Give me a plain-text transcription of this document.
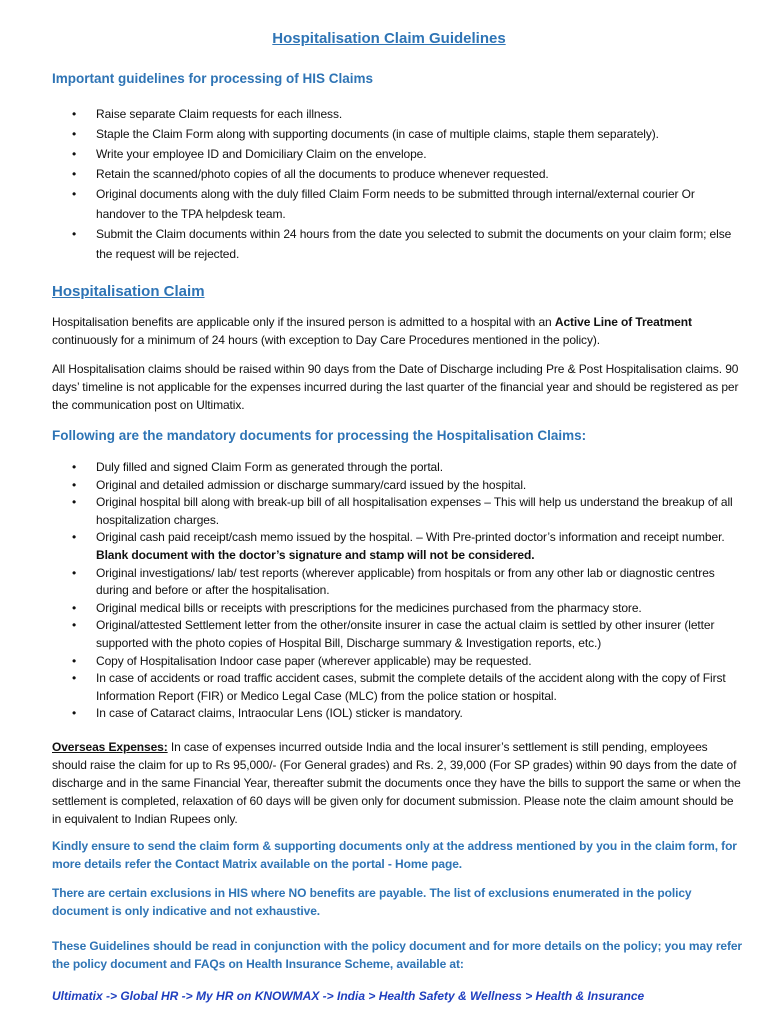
Hospitalisation Claim Guidelines
Important guidelines for processing of HIS Claims
• Raise separate Claim requests for each illness.
• Staple the Claim Form along with supporting documents (in case of multiple claims, staple them separately).
• Write your employee ID and Domiciliary Claim on the envelope.
• Retain the scanned/photo copies of all the documents to produce whenever requested.
• Original documents along with the duly filled Claim Form needs to be submitted through internal/external courier Or handover to the TPA helpdesk team.
• Submit the Claim documents within 24 hours from the date you selected to submit the documents on your claim form; else the request will be rejected.
Hospitalisation Claim

Hospitalisation benefits are applicable only if the insured person is admitted to a hospital with an Active Line of Treatment continuously for a minimum of 24 hours (with exception to Day Care Procedures mentioned in the policy).

All Hospitalisation claims should be raised within 90 days from the Date of Discharge including Pre & Post Hospitalisation claims. 90 days’ timeline is not applicable for the expenses incurred during the last quarter of the financial year and should be registered as per the communication post on Ultimatix.

Following are the mandatory documents for processing the Hospitalisation Claims:
• Duly filled and signed Claim Form as generated through the portal.
• Original and detailed admission or discharge summary/card issued by the hospital.
• Original hospital bill along with break-up bill of all hospitalisation expenses – This will help us understand the breakup of all hospitalization charges.
• Original cash paid receipt/cash memo issued by the hospital. – With Pre-printed doctor’s information and receipt number. Blank document with the doctor’s signature and stamp will not be considered.
• Original investigations/ lab/ test reports (wherever applicable) from hospitals or from any other lab or diagnostic centres during and before or after the hospitalisation.
• Original medical bills or receipts with prescriptions for the medicines purchased from the pharmacy store.
• Original/attested Settlement letter from the other/onsite insurer in case the actual claim is settled by other insurer (letter supported with the photo copies of Hospital Bill, Discharge summary & Investigation reports, etc.)
• Copy of Hospitalisation Indoor case paper (wherever applicable) may be requested.
• In case of accidents or road traffic accident cases, submit the complete details of the accident along with the copy of First Information Report (FIR) or Medico Legal Case (MLC) from the police station or hospital.
• In case of Cataract claims, Intraocular Lens (IOL) sticker is mandatory.

Overseas Expenses: In case of expenses incurred outside India and the local insurer’s settlement is still pending, employees should raise the claim for up to Rs 95,000/- (For General grades) and Rs. 2, 39,000 (For SP grades) within 90 days from the date of discharge and in the same Financial Year, thereafter submit the documents once they have the bills to support the same or when the settlement is completed, relaxation of 60 days will be given only for document submission. Please note the claim amount should be in equivalent to Indian Rupees only.

Kindly ensure to send the claim form & supporting documents only at the address mentioned by you in the claim form, for more details refer the Contact Matrix available on the portal - Home page.

There are certain exclusions in HIS where NO benefits are payable. The list of exclusions enumerated in the policy document is only indicative and not exhaustive.

These Guidelines should be read in conjunction with the policy document and for more details on the policy; you may refer the policy document and FAQs on Health Insurance Scheme, available at:

Ultimatix -> Global HR -> My HR on KNOWMAX -> India > Health Safety & Wellness > Health & Insurance
